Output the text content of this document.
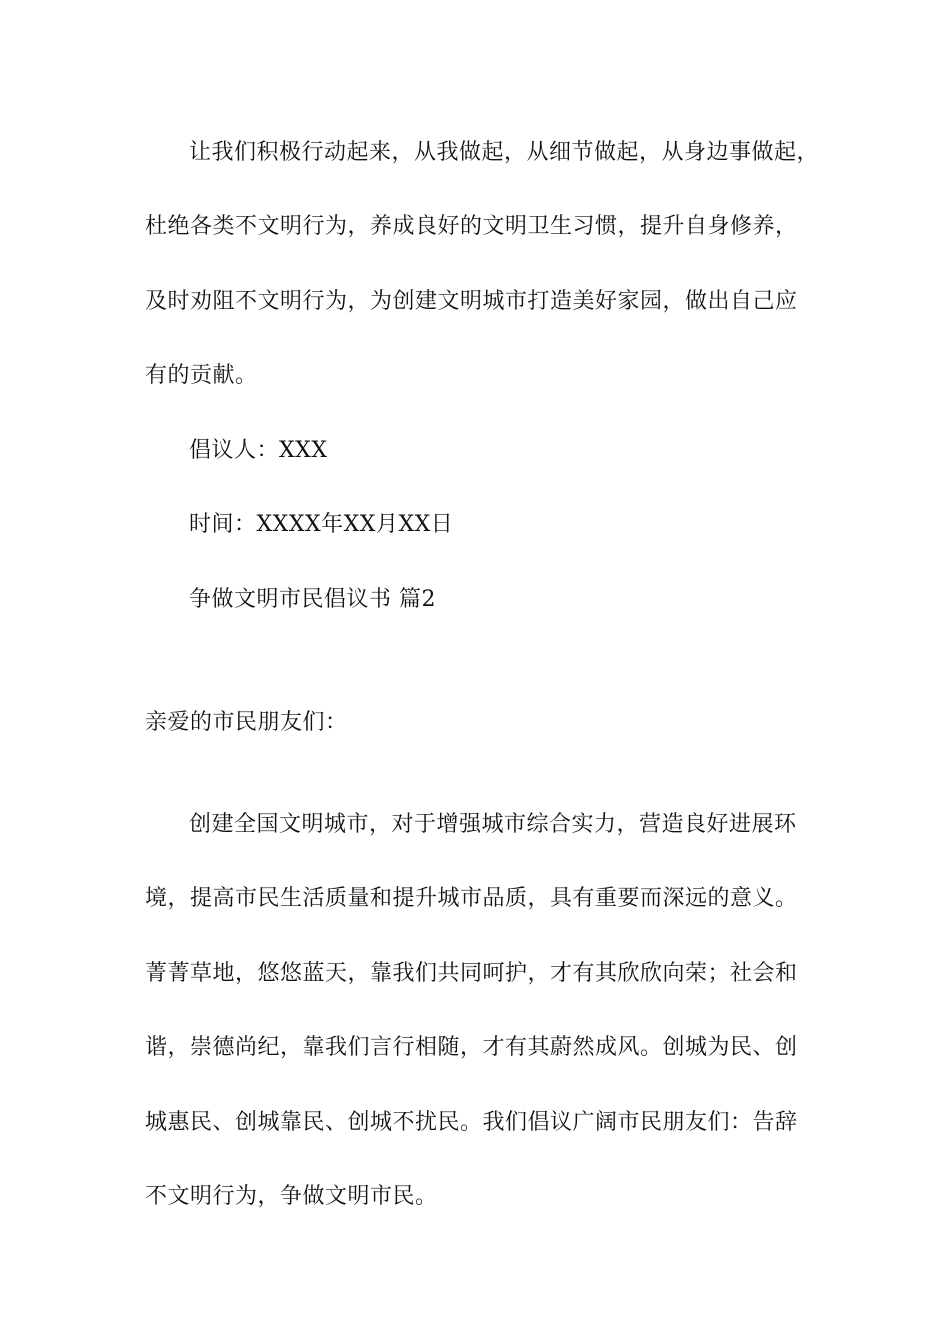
让我们积极行动起来，从我做起，从细节做起，从身边事做起，
杜绝各类不文明行为，养成良好的文明卫生习惯，提升自身修养，
及时劝阻不文明行为，为创建文明城市打造美好家园，做出自己应
有的贡献。
倡议人：XXX
时间：XXXX年XX月XX日
争做文明市民倡议书 篇2
亲爱的市民朋友们：
创建全国文明城市，对于增强城市综合实力，营造良好进展环
境，提高市民生活质量和提升城市品质，具有重要而深远的意义。
菁菁草地，悠悠蓝天，靠我们共同呵护，才有其欣欣向荣；社会和
谐，崇德尚纪，靠我们言行相随，才有其蔚然成风。创城为民、创
城惠民、创城靠民、创城不扰民。我们倡议广阔市民朋友们：告辞
不文明行为，争做文明市民。
